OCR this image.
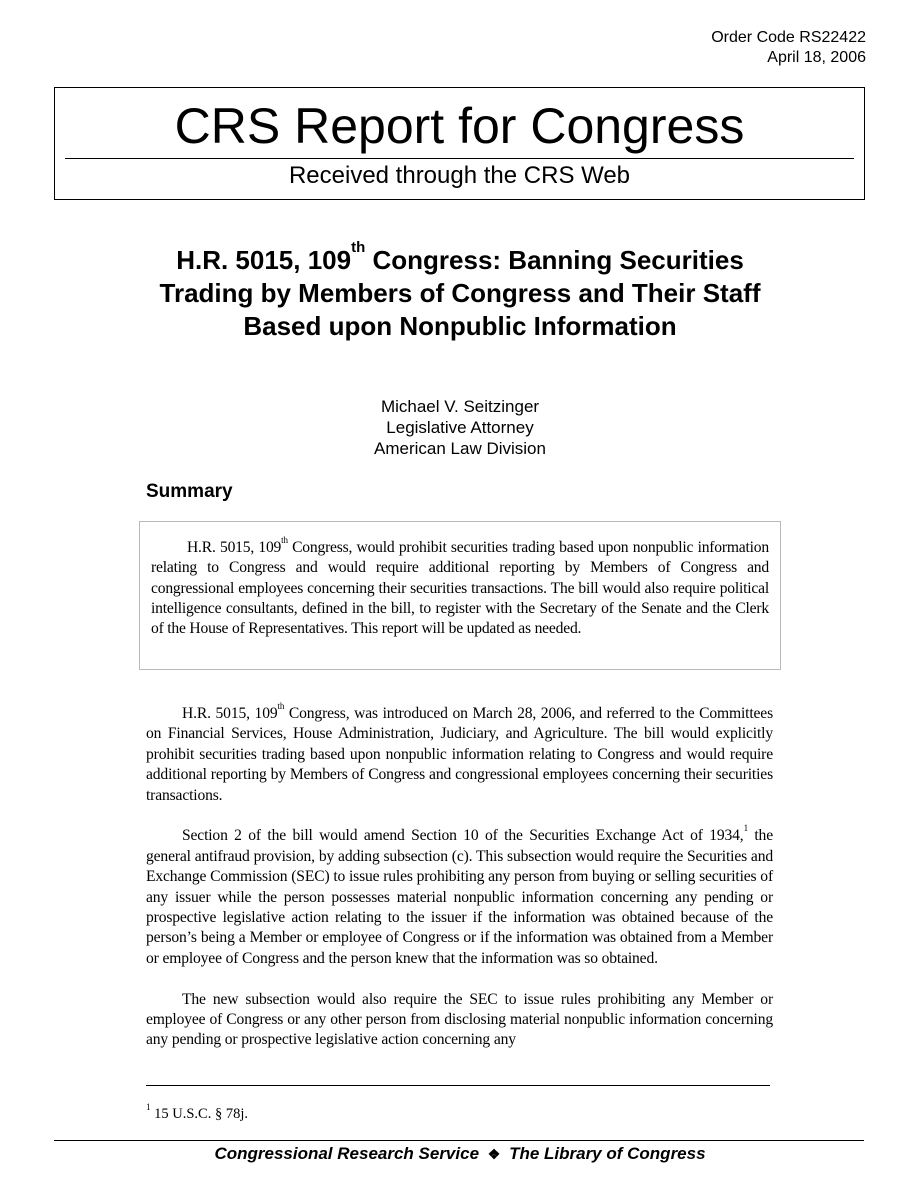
Order Code RS22422
April 18, 2006
CRS Report for Congress
Received through the CRS Web
H.R. 5015, 109th Congress: Banning Securities Trading by Members of Congress and Their Staff Based upon Nonpublic Information
Michael V. Seitzinger
Legislative Attorney
American Law Division
Summary

H.R. 5015, 109th Congress, would prohibit securities trading based upon nonpublic information relating to Congress and would require additional reporting by Members of Congress and congressional employees concerning their securities transactions. The bill would also require political intelligence consultants, defined in the bill, to register with the Secretary of the Senate and the Clerk of the House of Representatives. This report will be updated as needed.

H.R. 5015, 109th Congress, was introduced on March 28, 2006, and referred to the Committees on Financial Services, House Administration, Judiciary, and Agriculture. The bill would explicitly prohibit securities trading based upon nonpublic information relating to Congress and would require additional reporting by Members of Congress and congressional employees concerning their securities transactions.

Section 2 of the bill would amend Section 10 of the Securities Exchange Act of 1934,$^1$ the general antifraud provision, by adding subsection (c). This subsection would require the Securities and Exchange Commission (SEC) to issue rules prohibiting any person from buying or selling securities of any issuer while the person possesses material nonpublic information concerning any pending or prospective legislative action relating to the issuer if the information was obtained because of the person’s being a Member or employee of Congress or if the information was obtained from a Member or employee of Congress and the person knew that the information was so obtained.

The new subsection would also require the SEC to issue rules prohibiting any Member or employee of Congress or any other person from disclosing material nonpublic information concerning any pending or prospective legislative action concerning any

$^1$ 15 U.S.C. § 78j.
Congressional Research Service ❖ The Library of Congress
